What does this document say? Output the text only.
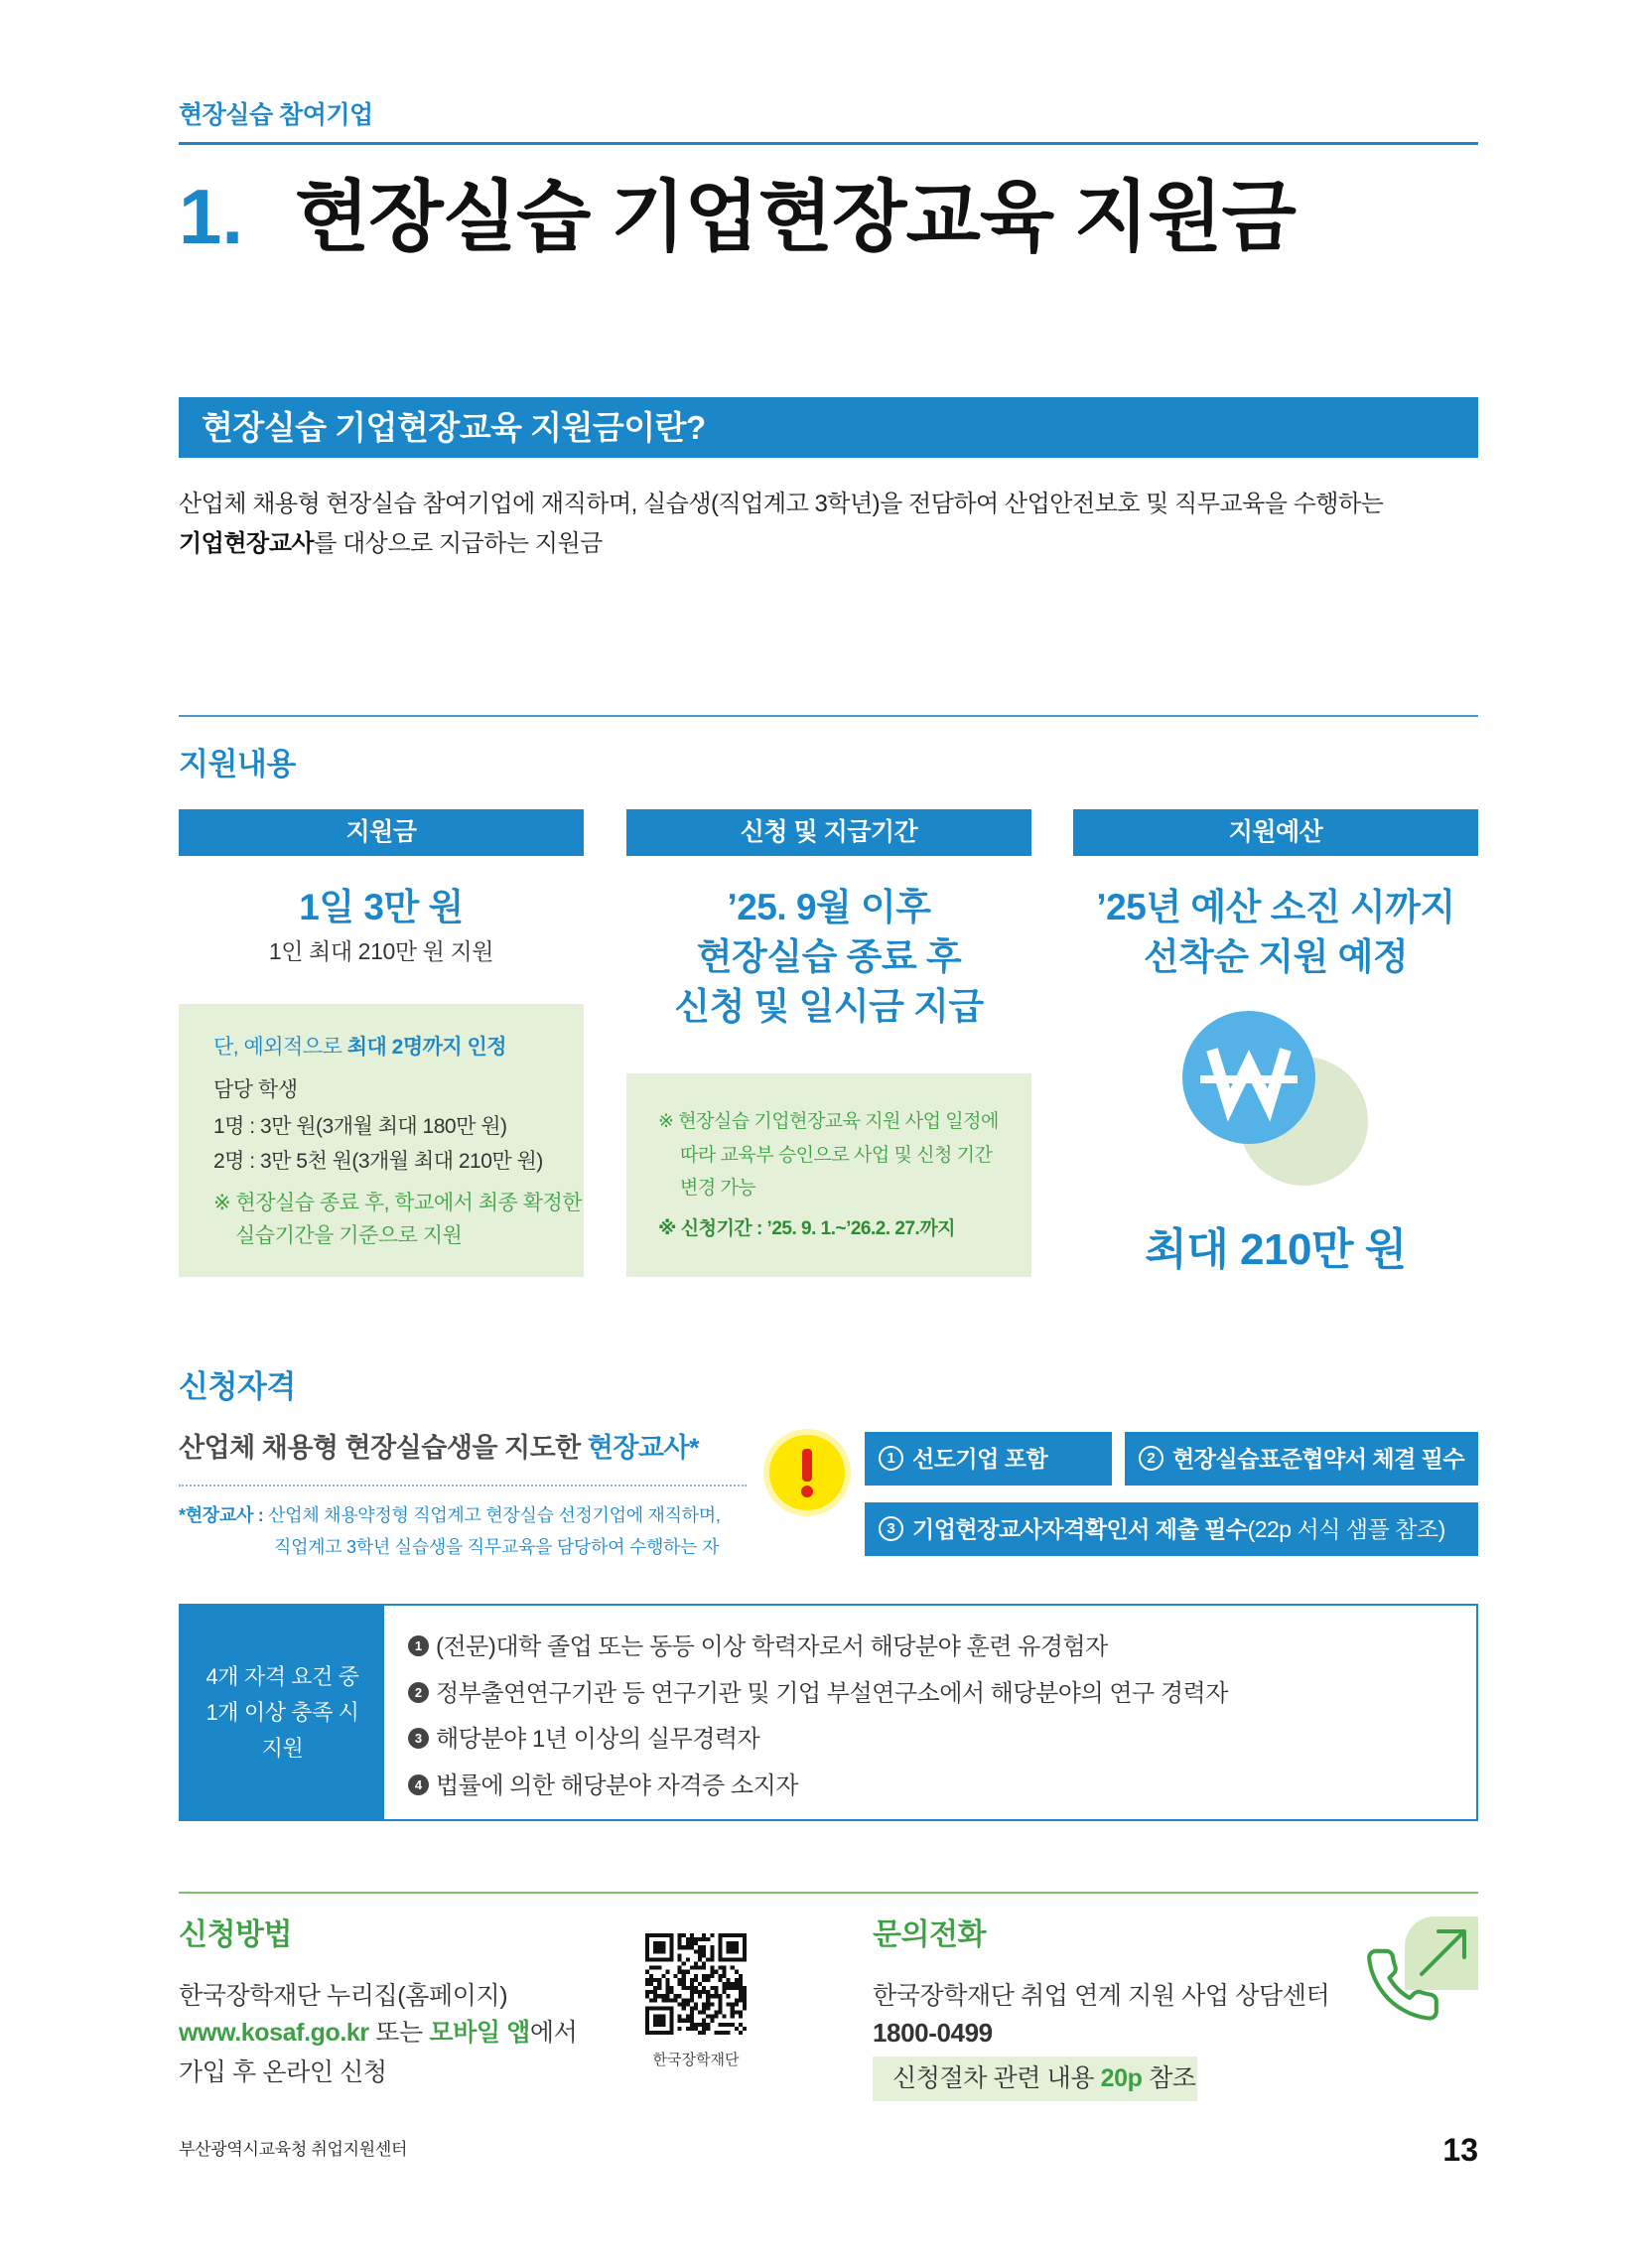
현장실습 참여기업
1. 현장실습 기업현장교육 지원금
현장실습 기업현장교육 지원금이란?
산업체 채용형 현장실습 참여기업에 재직하며, 실습생(직업계고 3학년)을 전담하여 산업안전보호 및 직무교육을 수행하는
기업현장교사를 대상으로 지급하는 지원금
지원내용
지원금
1일 3만 원
1인 최대 210만 원 지원
단, 예외적으로 최대 2명까지 인정
담당 학생
1명 : 3만 원(3개월 최대 180만 원)
2명 : 3만 5천 원(3개월 최대 210만 원)
※ 현장실습 종료 후, 학교에서 최종 확정한
실습기간을 기준으로 지원
신청 및 지급기간
’25. 9월 이후
현장실습 종료 후
신청 및 일시금 지급
※ 현장실습 기업현장교육 지원 사업 일정에
따라 교육부 승인으로 사업 및 신청 기간
변경 가능
※ 신청기간 : ’25. 9. 1.~’26.2. 27.까지
지원예산
’25년 예산 소진 시까지
선착순 지원 예정
최대 210만 원
신청자격
산업체 채용형 현장실습생을 지도한 현장교사*
*현장교사 : 산업체 채용약정형 직업계고 현장실습 선정기업에 재직하며,
직업계고 3학년 실습생을 직무교육을 담당하여 수행하는 자
1 선도기업 포함	2 현장실습표준협약서 체결 필수
3 기업현장교사자격확인서 제출 필수(22p 서식 샘플 참조)
4개 자격 요건 중
1개 이상 충족 시
지원
1 (전문)대학 졸업 또는 동등 이상 학력자로서 해당분야 훈련 유경험자
2 정부출연연구기관 등 연구기관 및 기업 부설연구소에서 해당분야의 연구 경력자
3 해당분야 1년 이상의 실무경력자
4 법률에 의한 해당분야 자격증 소지자
신청방법
한국장학재단 누리집(홈페이지)
www.kosaf.go.kr 또는 모바일 앱에서
가입 후 온라인 신청	한국장학재단
문의전화
한국장학재단 취업 연계 지원 사업 상담센터
1800-0499
신청절차 관련 내용 20p 참조
부산광역시교육청 취업지원센터	13
